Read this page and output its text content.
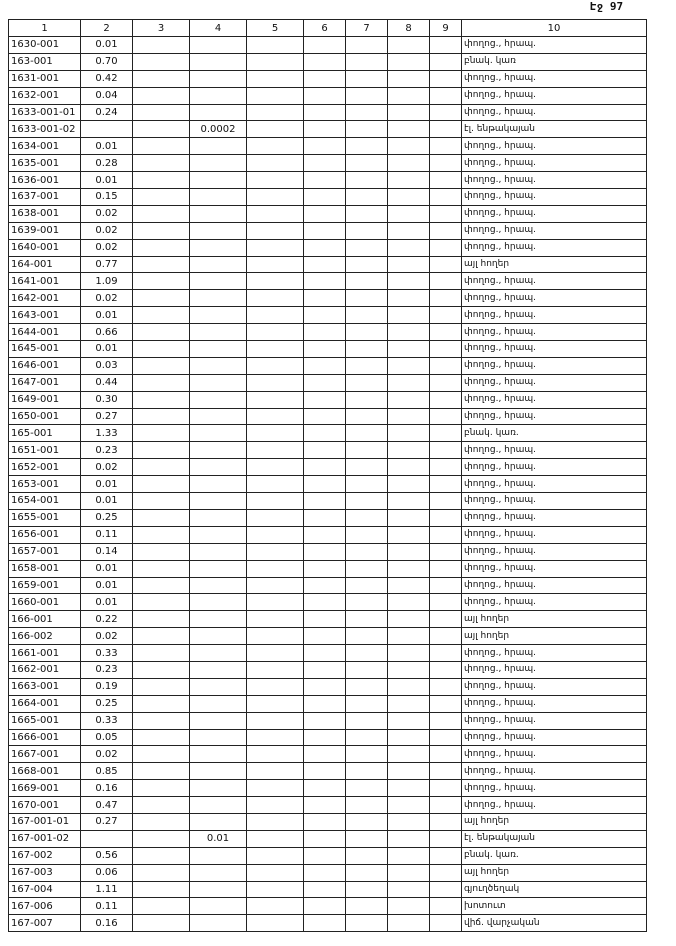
Էջ 97
1	2	3	4	5	6	7	8	9	10
1630-001	0.01								փողոց., հրապ.
163-001	0.70								բնակ. կառ
1631-001	0.42								փողոց., հրապ.
1632-001	0.04								փողոց., հրապ.
1633-001-01	0.24								փողոց., հրապ.
1633-001-02			0.0002						էլ. ենթակայան
1634-001	0.01								փողոց., հրապ.
1635-001	0.28								փողոց., հրապ.
1636-001	0.01								փողոց., հրապ.
1637-001	0.15								փողոց., հրապ.
1638-001	0.02								փողոց., հրապ.
1639-001	0.02								փողոց., հրապ.
1640-001	0.02								փողոց., հրապ.
164-001	0.77								այլ հողեր
1641-001	1.09								փողոց., հրապ.
1642-001	0.02								փողոց., հրապ.
1643-001	0.01								փողոց., հրապ.
1644-001	0.66								փողոց., հրապ.
1645-001	0.01								փողոց., հրապ.
1646-001	0.03								փողոց., հրապ.
1647-001	0.44								փողոց., հրապ.
1649-001	0.30								փողոց., հրապ.
1650-001	0.27								փողոց., հրապ.
165-001	1.33								բնակ. կառ.
1651-001	0.23								փողոց., հրապ.
1652-001	0.02								փողոց., հրապ.
1653-001	0.01								փողոց., հրապ.
1654-001	0.01								փողոց., հրապ.
1655-001	0.25								փողոց., հրապ.
1656-001	0.11								փողոց., հրապ.
1657-001	0.14								փողոց., հրապ.
1658-001	0.01								փողոց., հրապ.
1659-001	0.01								փողոց., հրապ.
1660-001	0.01								փողոց., հրապ.
166-001	0.22								այլ հողեր
166-002	0.02								այլ հողեր
1661-001	0.33								փողոց., հրապ.
1662-001	0.23								փողոց., հրապ.
1663-001	0.19								փողոց., հրապ.
1664-001	0.25								փողոց., հրապ.
1665-001	0.33								փողոց., հրապ.
1666-001	0.05								փողոց., հրապ.
1667-001	0.02								փողոց., հրապ.
1668-001	0.85								փողոց., հրապ.
1669-001	0.16								փողոց., հրապ.
1670-001	0.47								փողոց., հրապ.
167-001-01	0.27								այլ հողեր
167-001-02			0.01						էլ. ենթակայան
167-002	0.56								բնակ. կառ.
167-003	0.06								այլ հողեր
167-004	1.11								գյուղծեղակ
167-006	0.11								խոտուտ
167-007	0.16								վիճ. վարչական
